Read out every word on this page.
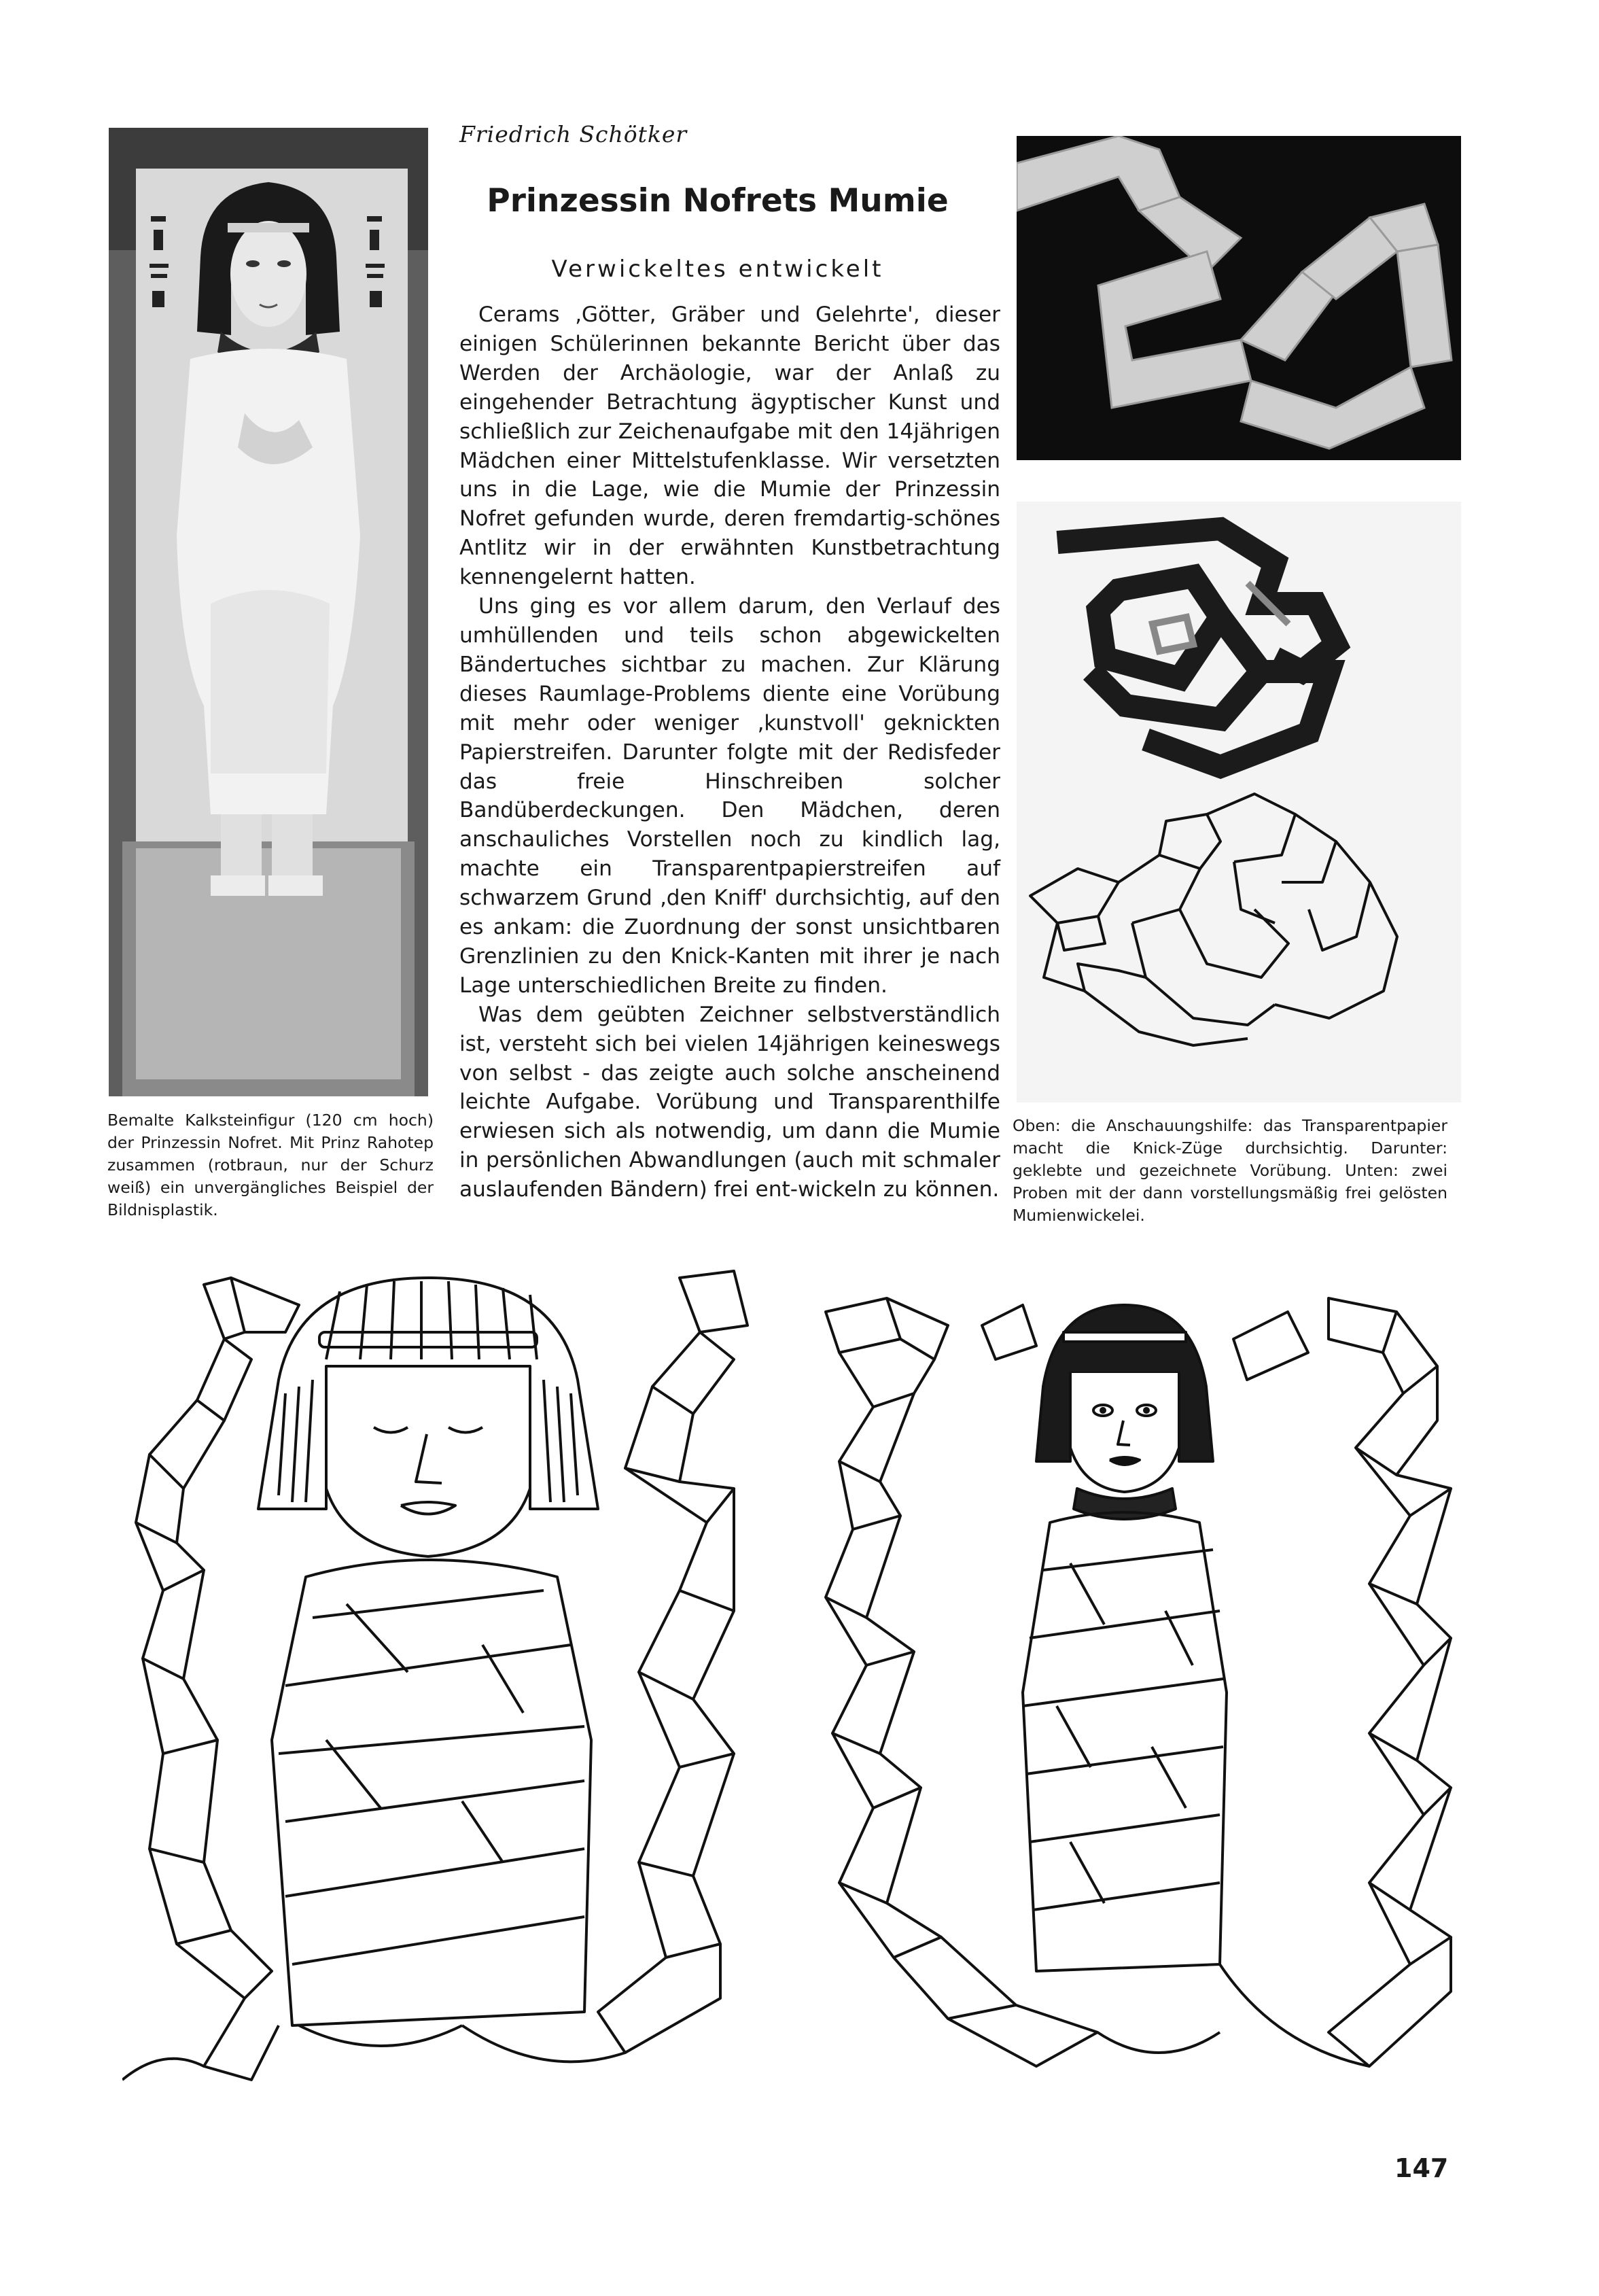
Bemalte Kalksteinfigur (120 cm hoch) der Prinzessin Nofret. Mit Prinz Rahotep zusammen (rotbraun, nur der Schurz weiß) ein unvergängliches Beispiel der Bildnisplastik.
Friedrich Schötker
Prinzessin Nofrets Mumie
Verwickeltes entwickelt

Cerams ‚Götter, Gräber und Gelehrte', dieser einigen Schülerinnen bekannte Bericht über das Werden der Archäologie, war der Anlaß zu eingehender Betrachtung ägyptischer Kunst und schließlich zur Zeichenaufgabe mit den 14jährigen Mädchen einer Mittelstufenklasse. Wir versetzten uns in die Lage, wie die Mumie der Prinzessin Nofret gefunden wurde, deren fremdartig-schönes Antlitz wir in der erwähnten Kunstbetrachtung kennengelernt hatten.

Uns ging es vor allem darum, den Verlauf des umhüllenden und teils schon abgewickelten Bändertuches sichtbar zu machen. Zur Klärung dieses Raumlage-Problems diente eine Vorübung mit mehr oder weniger ‚kunstvoll' geknickten Papierstreifen. Darunter folgte mit der Redisfeder das freie Hinschreiben solcher Bandüberdeckungen. Den Mädchen, deren anschauliches Vorstellen noch zu kindlich lag, machte ein Transparentpapierstreifen auf schwarzem Grund ‚den Kniff' durchsichtig, auf den es ankam: die Zuordnung der sonst unsichtbaren Grenzlinien zu den Knick-Kanten mit ihrer je nach Lage unterschiedlichen Breite zu finden.

Was dem geübten Zeichner selbstverständlich ist, versteht sich bei vielen 14jährigen keineswegs von selbst - das zeigte auch solche anscheinend leichte Aufgabe. Vorübung und Transparenthilfe erwiesen sich als notwendig, um dann die Mumie in persönlichen Abwandlungen (auch mit schmaler auslaufenden Bändern) frei ent-wickeln zu können.

Oben: die Anschauungshilfe: das Transparentpapier macht die Knick-Züge durchsichtig. Darunter: geklebte und gezeichnete Vorübung. Unten: zwei Proben mit der dann vorstellungsmäßig frei gelösten Mumienwickelei.
147
